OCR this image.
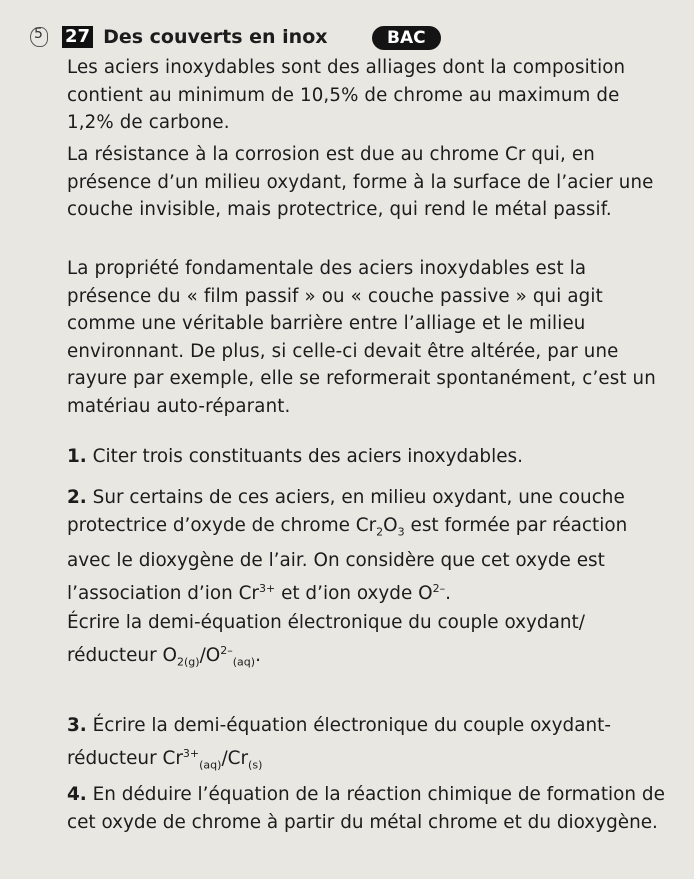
5 27 Des couverts en inox	BAC
Les aciers inoxydables sont des alliages dont la composition contient au minimum de 10,5% de chrome au maximum de 1,2% de carbone.
La résistance à la corrosion est due au chrome Cr qui, en présence d’un milieu oxydant, forme à la surface de l’acier une couche invisible, mais protectrice, qui rend le métal passif.
La propriété fondamentale des aciers inoxydables est la présence du « film passif » ou « couche passive » qui agit comme une véritable barrière entre l’alliage et le milieu environnant. De plus, si celle-ci devait être altérée, par une rayure par exemple, elle se reformerait spontanément, c’est un matériau auto-réparant.
1. Citer trois constituants des aciers inoxydables.
2. Sur certains de ces aciers, en milieu oxydant, une couche protectrice d’oxyde de chrome $Cr_2O_3$ est formée par réaction avec le dioxygène de l’air. On considère que cet oxyde est l’association d’ion $Cr^{3+}$ et d’ion oxyde $O^{2-}$.
Écrire la demi-équation électronique du couple oxydant/ réducteur $O_{2(g)}/O^{2-}_{(aq)}$.
3. Écrire la demi-équation électronique du couple oxydant-réducteur $Cr^{3+}_{(aq)}/Cr_{(s)}$
4. En déduire l’équation de la réaction chimique de formation de cet oxyde de chrome à partir du métal chrome et du dioxygène.
